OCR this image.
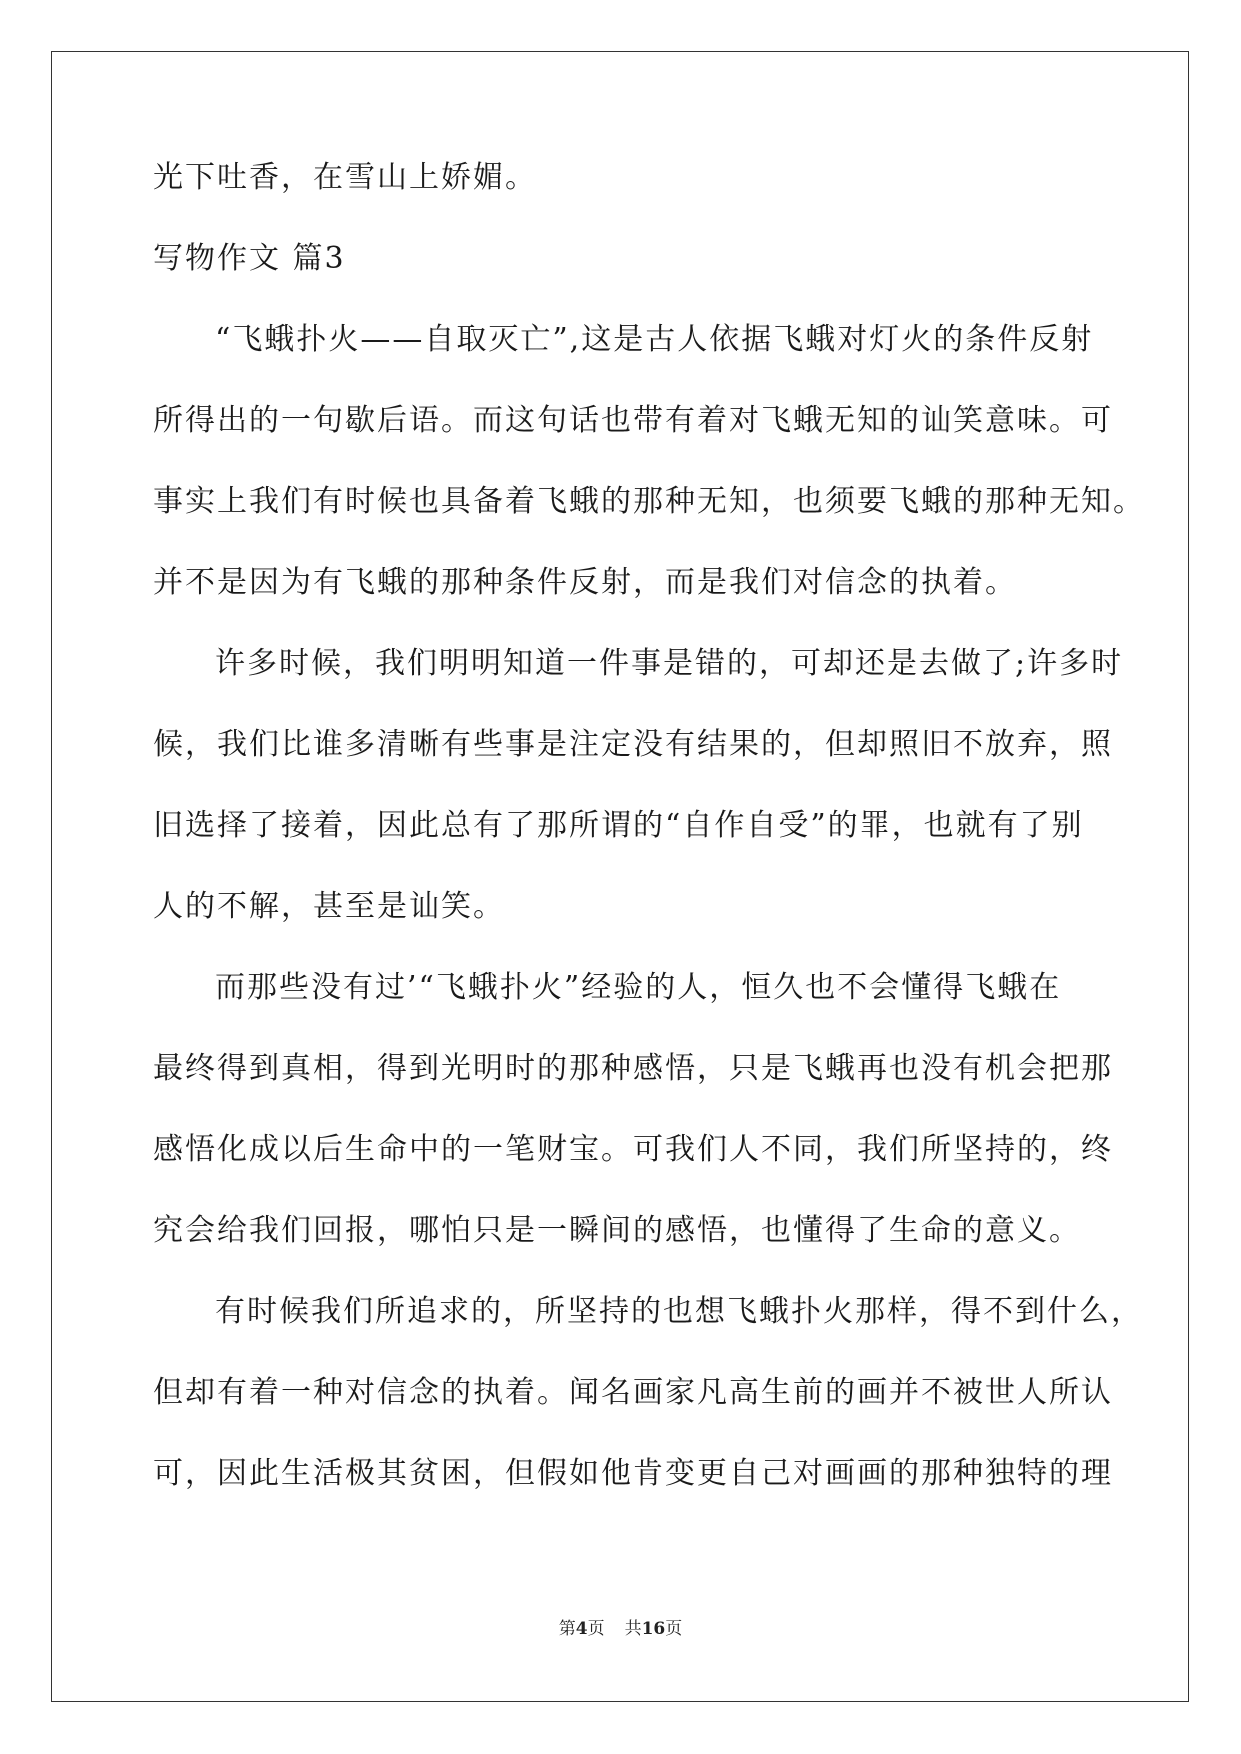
光下吐香，在雪山上娇媚。
写物作文 篇3
“飞蛾扑火——自取灭亡”,这是古人依据飞蛾对灯火的条件反射
所得出的一句歇后语。而这句话也带有着对飞蛾无知的讪笑意味。可
事实上我们有时候也具备着飞蛾的那种无知，也须要飞蛾的那种无知。
并不是因为有飞蛾的那种条件反射，而是我们对信念的执着。
许多时候，我们明明知道一件事是错的，可却还是去做了;许多时
候，我们比谁多清晰有些事是注定没有结果的，但却照旧不放弃，照
旧选择了接着，因此总有了那所谓的“自作自受”的罪，也就有了别
人的不解，甚至是讪笑。
而那些没有过’“飞蛾扑火”经验的人，恒久也不会懂得飞蛾在
最终得到真相，得到光明时的那种感悟，只是飞蛾再也没有机会把那
感悟化成以后生命中的一笔财宝。可我们人不同，我们所坚持的，终
究会给我们回报，哪怕只是一瞬间的感悟，也懂得了生命的意义。
有时候我们所追求的，所坚持的也想飞蛾扑火那样，得不到什么，
但却有着一种对信念的执着。闻名画家凡高生前的画并不被世人所认
可，因此生活极其贫困，但假如他肯变更自己对画画的那种独特的理
第4页 共16页
